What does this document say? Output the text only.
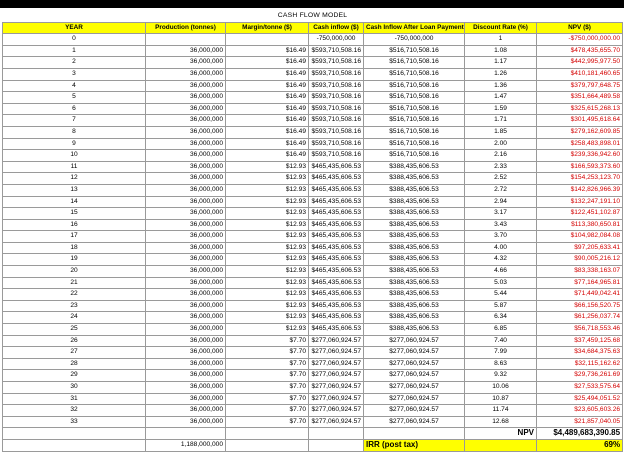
CASH FLOW MODEL						
YEAR	Production (tonnes)	Margin/tonne ($)	Cash inflow ($)	Cash Inflow After Loan Payment	Discount Rate (%)	NPV ($)
0			-750,000,000	-750,000,000	1	-$750,000,000.00
1	36,000,000	$16.49	$593,710,508.16	$516,710,508.16	1.08	$478,435,655.70
2	36,000,000	$16.49	$593,710,508.16	$516,710,508.16	1.17	$442,995,977.50
3	36,000,000	$16.49	$593,710,508.16	$516,710,508.16	1.26	$410,181,460.65
4	36,000,000	$16.49	$593,710,508.16	$516,710,508.16	1.36	$379,797,648.75
5	36,000,000	$16.49	$593,710,508.16	$516,710,508.16	1.47	$351,664,489.58
6	36,000,000	$16.49	$593,710,508.16	$516,710,508.16	1.59	$325,615,268.13
7	36,000,000	$16.49	$593,710,508.16	$516,710,508.16	1.71	$301,495,618.64
8	36,000,000	$16.49	$593,710,508.16	$516,710,508.16	1.85	$279,162,609.85
9	36,000,000	$16.49	$593,710,508.16	$516,710,508.16	2.00	$258,483,898.01
10	36,000,000	$16.49	$593,710,508.16	$516,710,508.16	2.16	$239,336,942.60
11	36,000,000	$12.93	$465,435,606.53	$388,435,606.53	2.33	$166,593,373.60
12	36,000,000	$12.93	$465,435,606.53	$388,435,606.53	2.52	$154,253,123.70
13	36,000,000	$12.93	$465,435,606.53	$388,435,606.53	2.72	$142,826,966.39
14	36,000,000	$12.93	$465,435,606.53	$388,435,606.53	2.94	$132,247,191.10
15	36,000,000	$12.93	$465,435,606.53	$388,435,606.53	3.17	$122,451,102.87
16	36,000,000	$12.93	$465,435,606.53	$388,435,606.53	3.43	$113,380,650.81
17	36,000,000	$12.93	$465,435,606.53	$388,435,606.53	3.70	$104,982,084.08
18	36,000,000	$12.93	$465,435,606.53	$388,435,606.53	4.00	$97,205,633.41
19	36,000,000	$12.93	$465,435,606.53	$388,435,606.53	4.32	$90,005,216.12
20	36,000,000	$12.93	$465,435,606.53	$388,435,606.53	4.66	$83,338,163.07
21	36,000,000	$12.93	$465,435,606.53	$388,435,606.53	5.03	$77,164,965.81
22	36,000,000	$12.93	$465,435,606.53	$388,435,606.53	5.44	$71,449,042.41
23	36,000,000	$12.93	$465,435,606.53	$388,435,606.53	5.87	$66,156,520.75
24	36,000,000	$12.93	$465,435,606.53	$388,435,606.53	6.34	$61,256,037.74
25	36,000,000	$12.93	$465,435,606.53	$388,435,606.53	6.85	$56,718,553.46
26	36,000,000	$7.70	$277,060,924.57	$277,060,924.57	7.40	$37,459,125.68
27	36,000,000	$7.70	$277,060,924.57	$277,060,924.57	7.99	$34,684,375.63
28	36,000,000	$7.70	$277,060,924.57	$277,060,924.57	8.63	$32,115,162.62
29	36,000,000	$7.70	$277,060,924.57	$277,060,924.57	9.32	$29,736,261.69
30	36,000,000	$7.70	$277,060,924.57	$277,060,924.57	10.06	$27,533,575.64
31	36,000,000	$7.70	$277,060,924.57	$277,060,924.57	10.87	$25,494,051.52
32	36,000,000	$7.70	$277,060,924.57	$277,060,924.57	11.74	$23,605,603.26
33	36,000,000	$7.70	$277,060,924.57	$277,060,924.57	12.68	$21,857,040.05
					NPV	$4,489,683,390.85
	1,188,000,000			IRR (post tax)		69%
